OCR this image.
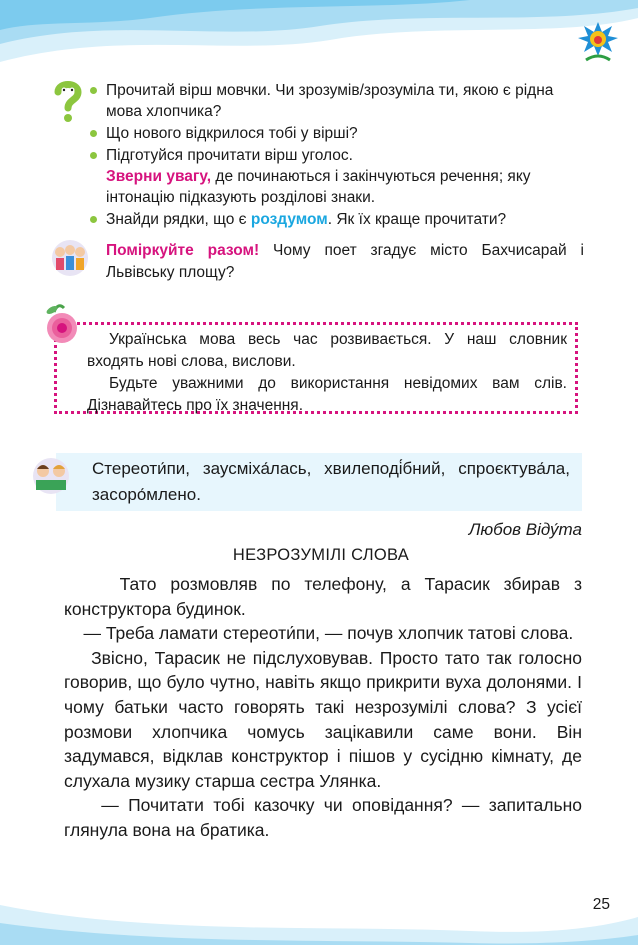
Прочитай вірш мовчки. Чи зрозумів/зрозуміла ти, якою є рідна мова хлопчика?
Що нового відкрилося тобі у вірші?
Підготуйся прочитати вірш уголос.
Зверни увагу, де починаються і закінчуються речення; яку інтонацію підказують розділові знаки.
Знайди рядки, що є роздумом. Як їх краще прочитати?
Поміркуйте разом! Чому поет згадує місто Бахчисарай і Львівську площу?

Українська мова весь час розвивається. У наш словник входять нові слова, вислови.

Будьте уважними до використання невідомих вам слів. Дізнавайтесь про їх значення.

Стереоти́пи, заусміха́лась, хвилеподі́бний, спроєктува́ла, засоро́млено.
Любов Віду́та
НЕЗРОЗУМІЛІ СЛОВА

Тато розмовляв по телефону, а Тарасик збирав з конструктора будинок.

— Треба ламати стереоти́пи, — почув хлопчик татові слова.

Звісно, Тарасик не підслуховував. Просто тато так голосно говорив, що було чутно, навіть якщо прикрити вуха долонями. І чому батьки часто говорять такі незрозумілі слова? З усієї розмови хлопчика чомусь зацікавили саме вони. Він задумався, відклав конструктор і пішов у сусідню кімнату, де слухала музику старша сестра Улянка.

— Почитати тобі казочку чи оповідання? — запитально глянула вона на братика.

25
